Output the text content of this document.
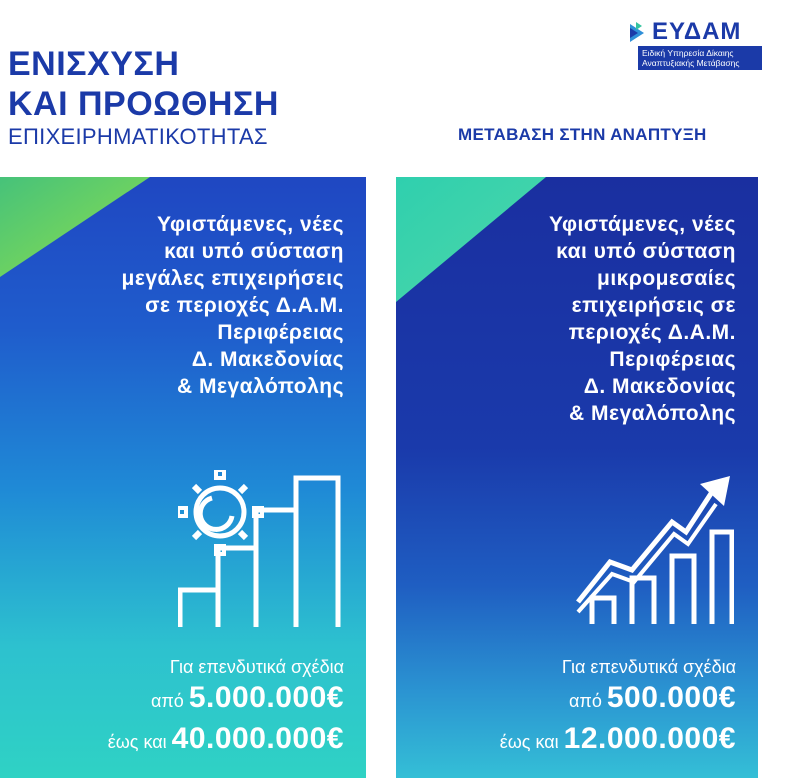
ΕΝΙΣΧΥΣΗ
ΚΑΙ ΠΡΟΩΘΗΣΗ
ΕΠΙΧΕΙΡΗΜΑΤΙΚΟΤΗΤΑΣ
ΕΥΔΑΜ
Ειδική Υπηρεσία Δίκαιης
Αναπτυξιακής Μετάβασης
ΜΕΤΑΒΑΣΗ ΣΤΗΝ ΑΝΑΠΤΥΞΗ
Υφιστάμενες, νέες
και υπό σύσταση
μεγάλες επιχειρήσεις
σε περιοχές Δ.Α.Μ.
Περιφέρειας
Δ. Μακεδονίας
& Μεγαλόπολης
Για επενδυτικά σχέδια
από 5.000.000€
έως και 40.000.000€
Υφιστάμενες, νέες
και υπό σύσταση
μικρομεσαίες
επιχειρήσεις σε
περιοχές Δ.Α.Μ.
Περιφέρειας
Δ. Μακεδονίας
& Μεγαλόπολης
Για επενδυτικά σχέδια
από 500.000€
έως και 12.000.000€
